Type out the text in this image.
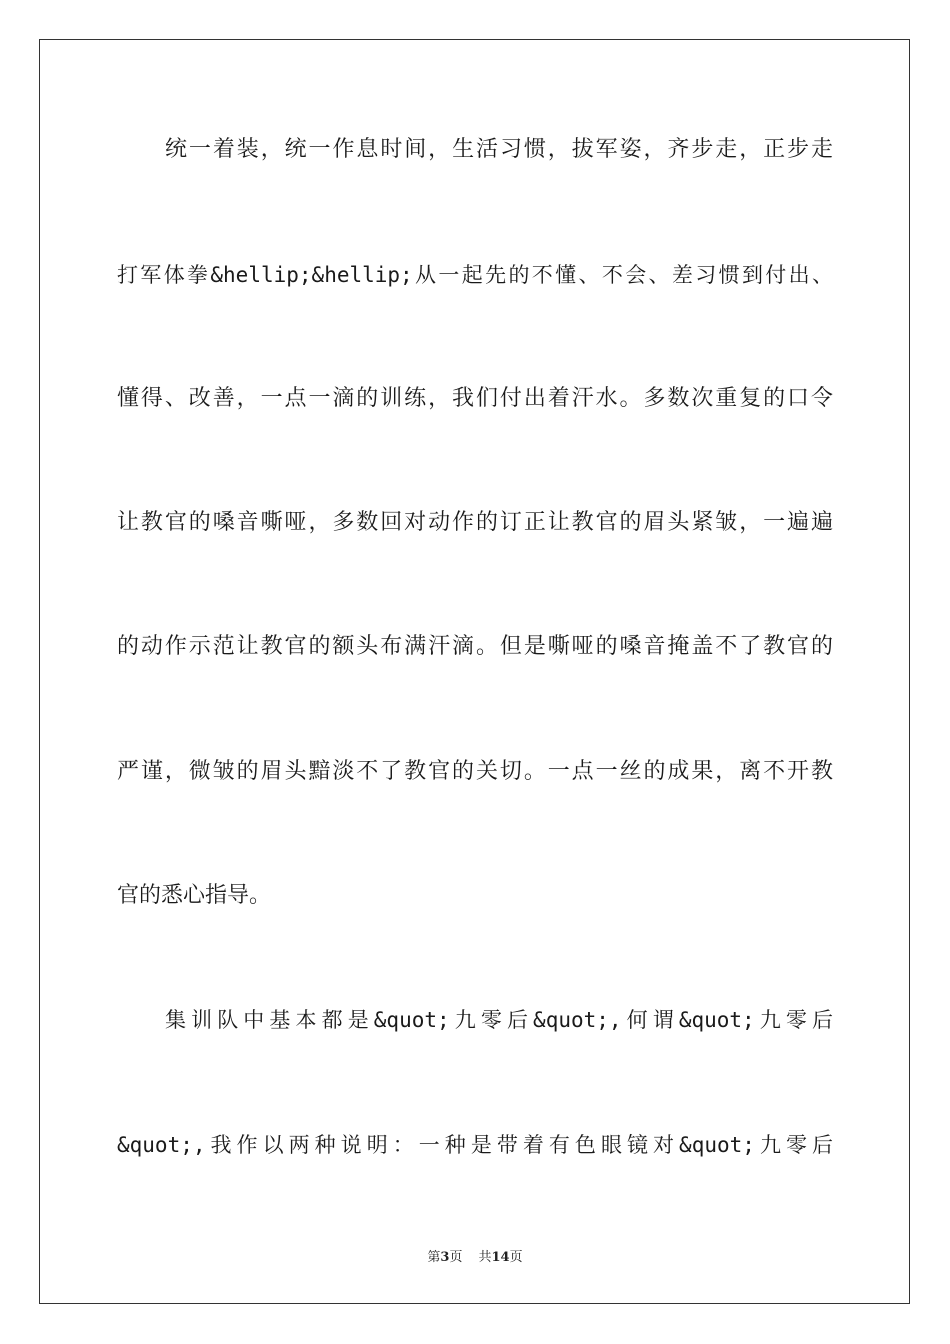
统一着装，统一作息时间，生活习惯，拔军姿，齐步走，正步走
打军体拳&hellip;&hellip;从一起先的不懂、不会、差习惯到付出、
懂得、改善，一点一滴的训练，我们付出着汗水。多数次重复的口令
让教官的嗓音嘶哑，多数回对动作的订正让教官的眉头紧皱，一遍遍
的动作示范让教官的额头布满汗滴。但是嘶哑的嗓音掩盖不了教官的
严谨，微皱的眉头黯淡不了教官的关切。一点一丝的成果，离不开教
官的悉心指导。
集训队中基本都是&quot;九零后&quot;,何谓&quot;九零后
&quot;,我作以两种说明：一种是带着有色眼镜对&quot;九零后
第3页 共14页
